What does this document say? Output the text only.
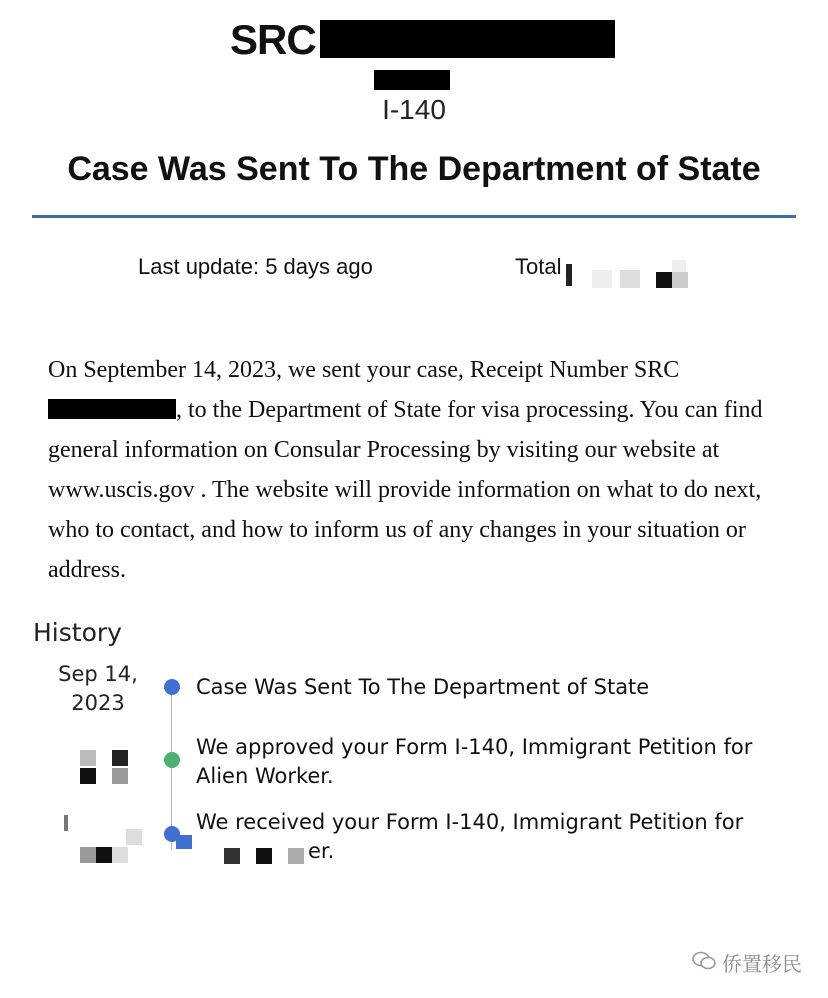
SRC
I-140
Case Was Sent To The Department of State
Last update: 5 days ago	Total
On September 14, 2023, we sent your case, Receipt Number SRC, to the Department of State for visa processing. You can find general information on Consular Processing by visiting our website at www.uscis.gov . The website will provide information on what to do next, who to contact, and how to inform us of any changes in your situation or address.
History
Sep 14, 2023
Case Was Sent To The Department of State
We approved your Form I-140, Immigrant Petition for Alien Worker.
We received your Form I-140, Immigrant Petition for
er.
侨置移民
